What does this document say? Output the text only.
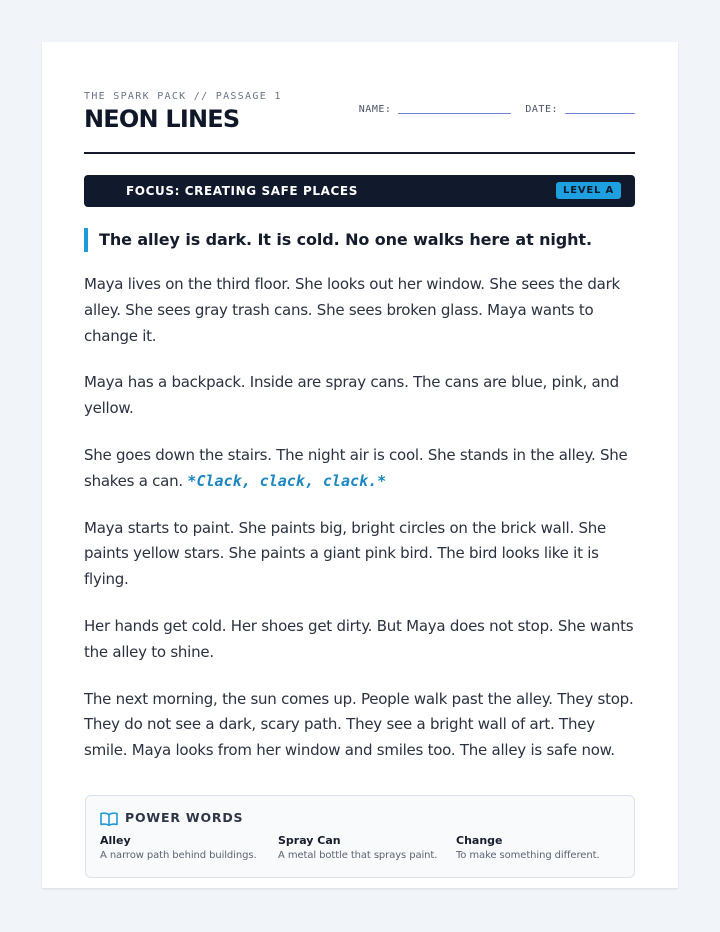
THE SPARK PACK // PASSAGE 1
NEON LINES	NAME:	DATE:
FOCUS: CREATING SAFE PLACES	LEVEL A
The alley is dark. It is cold. No one walks here at night.

Maya lives on the third floor. She looks out her window. She sees the dark alley. She sees gray trash cans. She sees broken glass. Maya wants to change it.

Maya has a backpack. Inside are spray cans. The cans are blue, pink, and yellow.

She goes down the stairs. The night air is cool. She stands in the alley. She shakes a can. *Clack, clack, clack.*

Maya starts to paint. She paints big, bright circles on the brick wall. She paints yellow stars. She paints a giant pink bird. The bird looks like it is flying.

Her hands get cold. Her shoes get dirty. But Maya does not stop. She wants the alley to shine.

The next morning, the sun comes up. People walk past the alley. They stop. They do not see a dark, scary path. They see a bright wall of art. They smile. Maya looks from her window and smiles too. The alley is safe now.

POWER WORDS
Alley
A narrow path behind buildings.
Spray Can
A metal bottle that sprays paint.
Change
To make something different.
